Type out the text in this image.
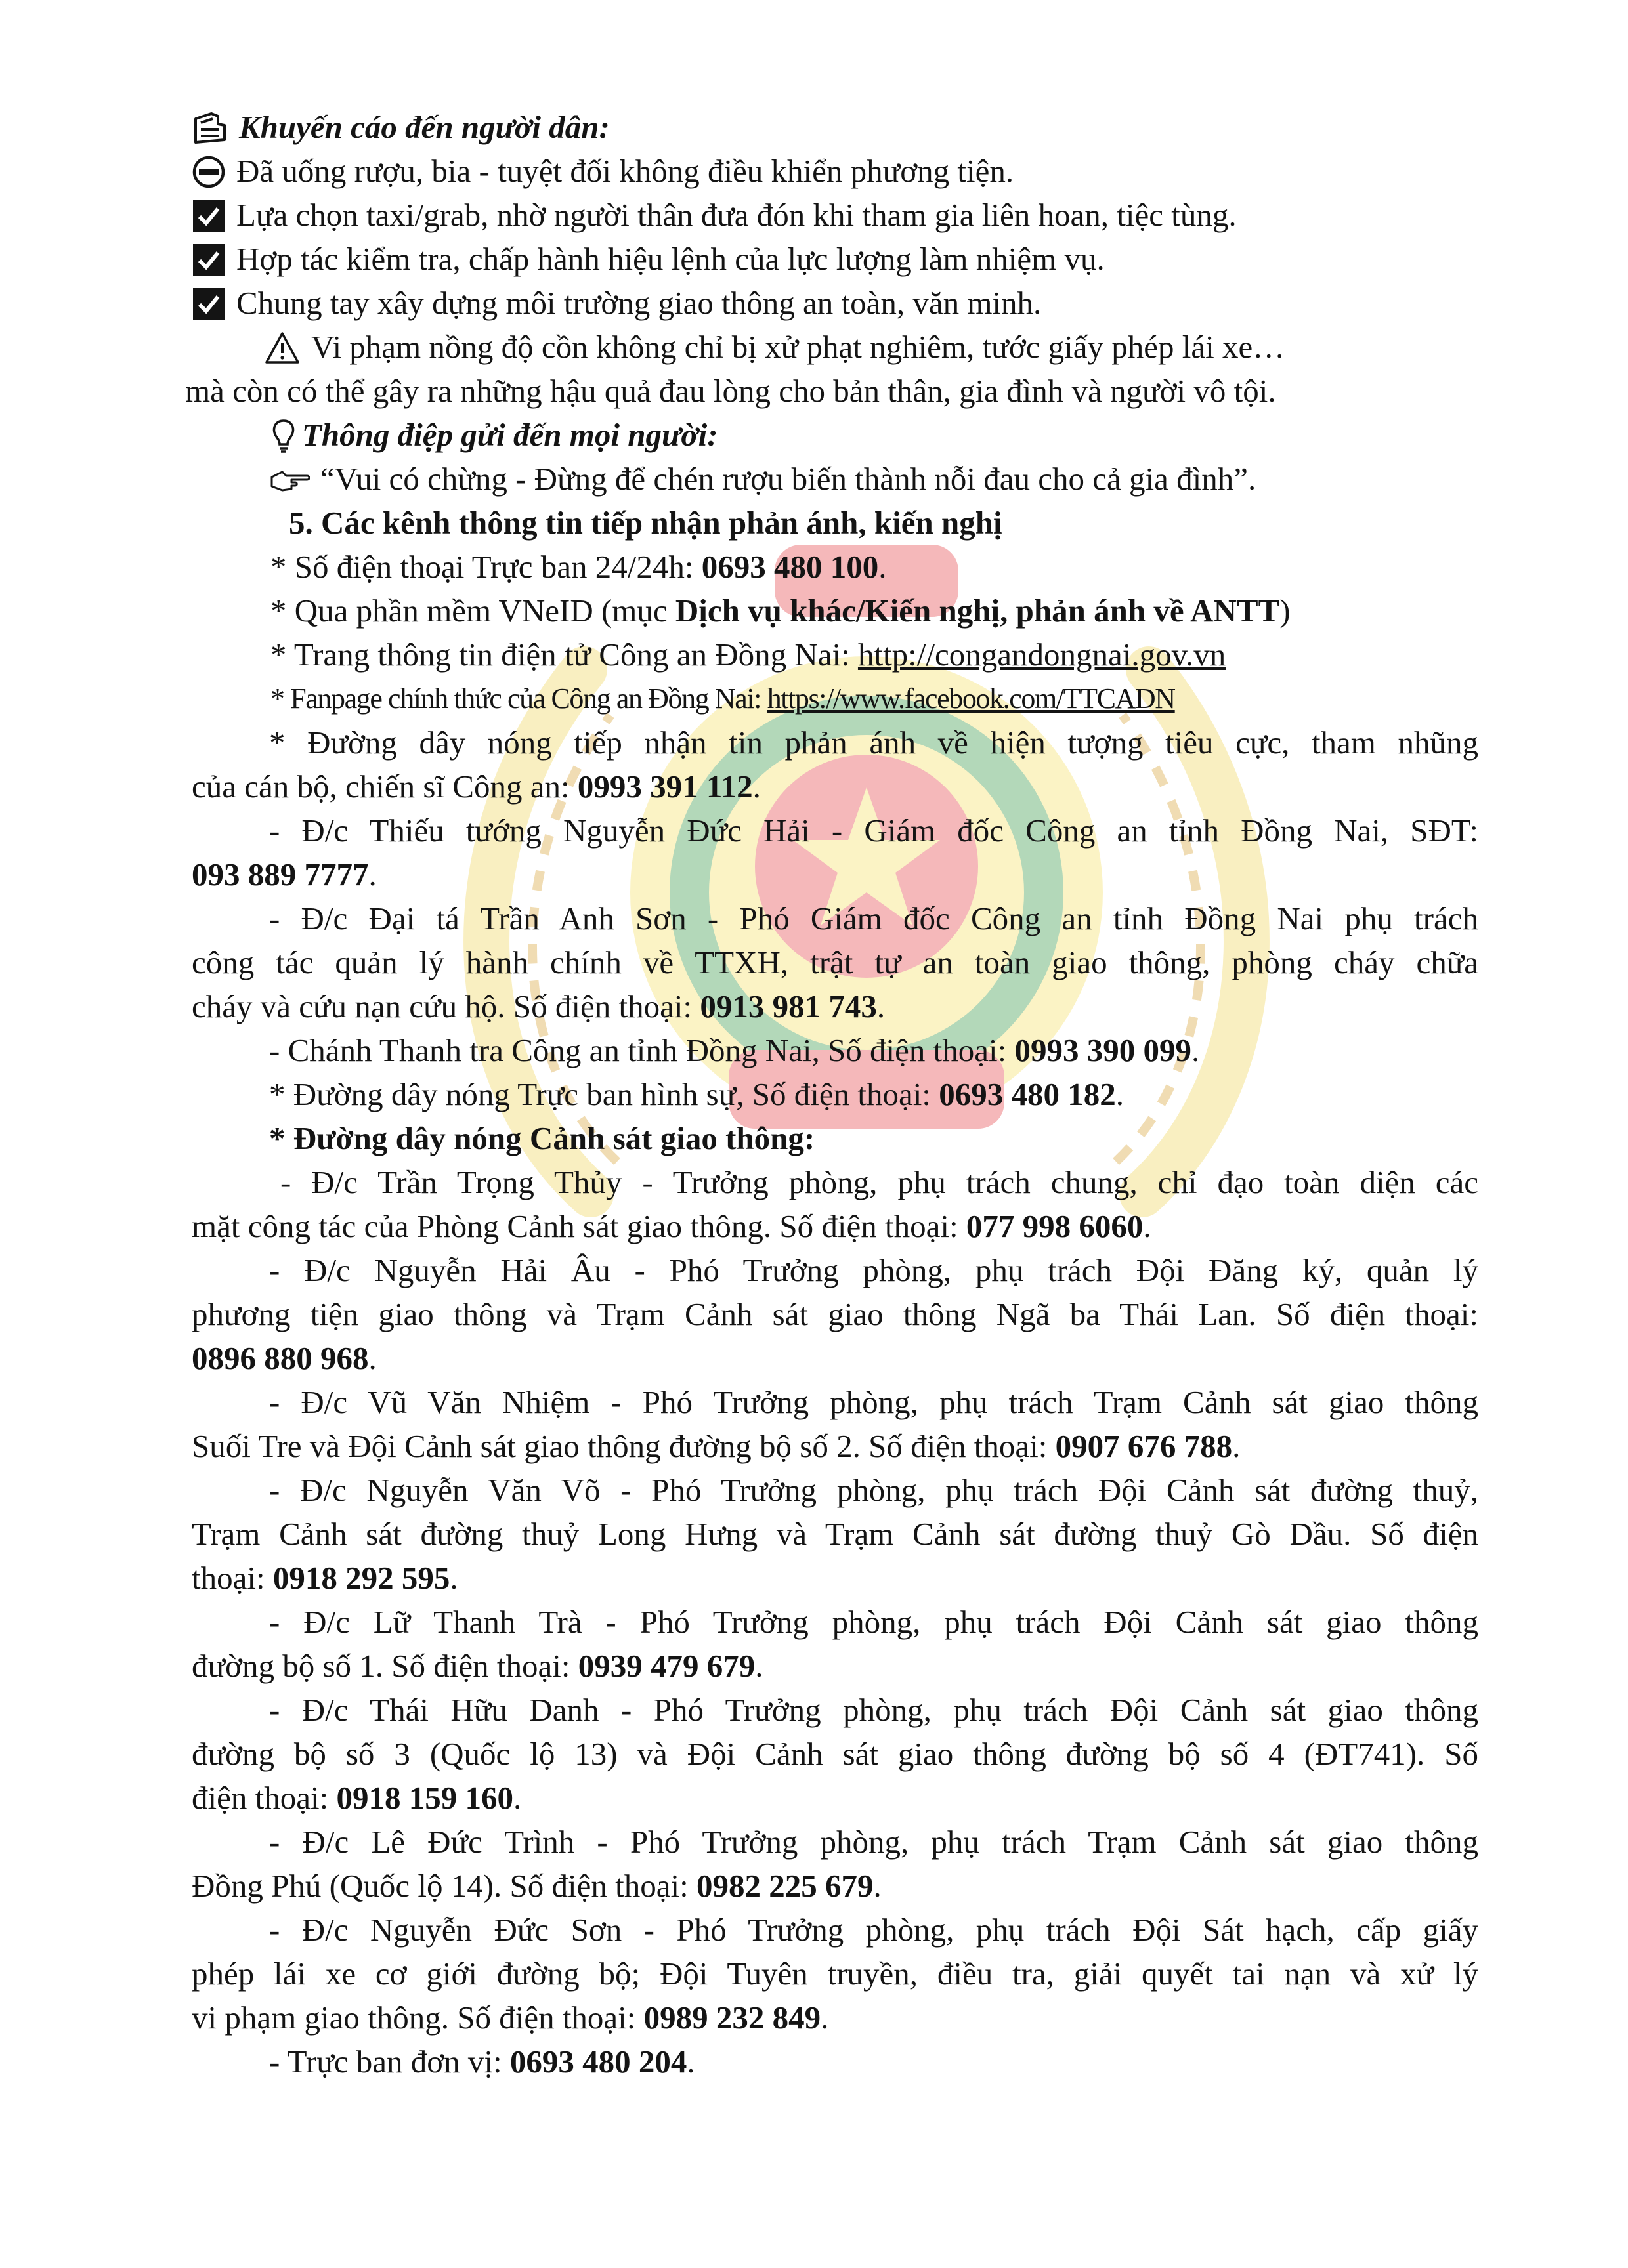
Khuyến cáo đến người dân:
Đã uống rượu, bia - tuyệt đối không điều khiển phương tiện.
Lựa chọn taxi/grab, nhờ người thân đưa đón khi tham gia liên hoan, tiệc tùng.
Hợp tác kiểm tra, chấp hành hiệu lệnh của lực lượng làm nhiệm vụ.
Chung tay xây dựng môi trường giao thông an toàn, văn minh.
Vi phạm nồng độ cồn không chỉ bị xử phạt nghiêm, tước giấy phép lái xe…
mà còn có thể gây ra những hậu quả đau lòng cho bản thân, gia đình và người vô tội.
Thông điệp gửi đến mọi người:
“Vui có chừng - Đừng để chén rượu biến thành nỗi đau cho cả gia đình”.
5. Các kênh thông tin tiếp nhận phản ánh, kiến nghị
* Số điện thoại Trực ban 24/24h: 0693 480 100.
* Qua phần mềm VNeID (mục Dịch vụ khác/Kiến nghị, phản ánh về ANTT)
* Trang thông tin điện tử Công an Đồng Nai: http://congandongnai.gov.vn
* Fanpage chính thức của Công an Đồng Nai: https://www.facebook.com/TTCADN
* Đường dây nóng tiếp nhận tin phản ánh về hiện tượng tiêu cực, tham nhũng
của cán bộ, chiến sĩ Công an: 0993 391 112.
- Đ/c Thiếu tướng Nguyễn Đức Hải - Giám đốc Công an tỉnh Đồng Nai, SĐT:
093 889 7777.
- Đ/c Đại tá Trần Anh Sơn - Phó Giám đốc Công an tỉnh Đồng Nai phụ trách
công tác quản lý hành chính về TTXH, trật tự an toàn giao thông, phòng cháy chữa
cháy và cứu nạn cứu hộ. Số điện thoại: 0913 981 743.
- Chánh Thanh tra Công an tỉnh Đồng Nai, Số điện thoại: 0993 390 099.
* Đường dây nóng Trực ban hình sự, Số điện thoại: 0693 480 182.
* Đường dây nóng Cảnh sát giao thông:
- Đ/c Trần Trọng Thủy - Trưởng phòng, phụ trách chung, chỉ đạo toàn diện các
mặt công tác của Phòng Cảnh sát giao thông. Số điện thoại: 077 998 6060.
- Đ/c Nguyễn Hải Âu - Phó Trưởng phòng, phụ trách Đội Đăng ký, quản lý
phương tiện giao thông và Trạm Cảnh sát giao thông Ngã ba Thái Lan. Số điện thoại:
0896 880 968.
- Đ/c Vũ Văn Nhiệm - Phó Trưởng phòng, phụ trách Trạm Cảnh sát giao thông
Suối Tre và Đội Cảnh sát giao thông đường bộ số 2. Số điện thoại: 0907 676 788.
- Đ/c Nguyễn Văn Võ - Phó Trưởng phòng, phụ trách Đội Cảnh sát đường thuỷ,
Trạm Cảnh sát đường thuỷ Long Hưng và Trạm Cảnh sát đường thuỷ Gò Dầu. Số điện
thoại: 0918 292 595.
- Đ/c Lữ Thanh Trà - Phó Trưởng phòng, phụ trách Đội Cảnh sát giao thông
đường bộ số 1. Số điện thoại: 0939 479 679.
- Đ/c Thái Hữu Danh - Phó Trưởng phòng, phụ trách Đội Cảnh sát giao thông
đường bộ số 3 (Quốc lộ 13) và Đội Cảnh sát giao thông đường bộ số 4 (ĐT741). Số
điện thoại: 0918 159 160.
- Đ/c Lê Đức Trình - Phó Trưởng phòng, phụ trách Trạm Cảnh sát giao thông
Đồng Phú (Quốc lộ 14). Số điện thoại: 0982 225 679.
- Đ/c Nguyễn Đức Sơn - Phó Trưởng phòng, phụ trách Đội Sát hạch, cấp giấy
phép lái xe cơ giới đường bộ; Đội Tuyên truyền, điều tra, giải quyết tai nạn và xử lý
vi phạm giao thông. Số điện thoại: 0989 232 849.
- Trực ban đơn vị: 0693 480 204.
